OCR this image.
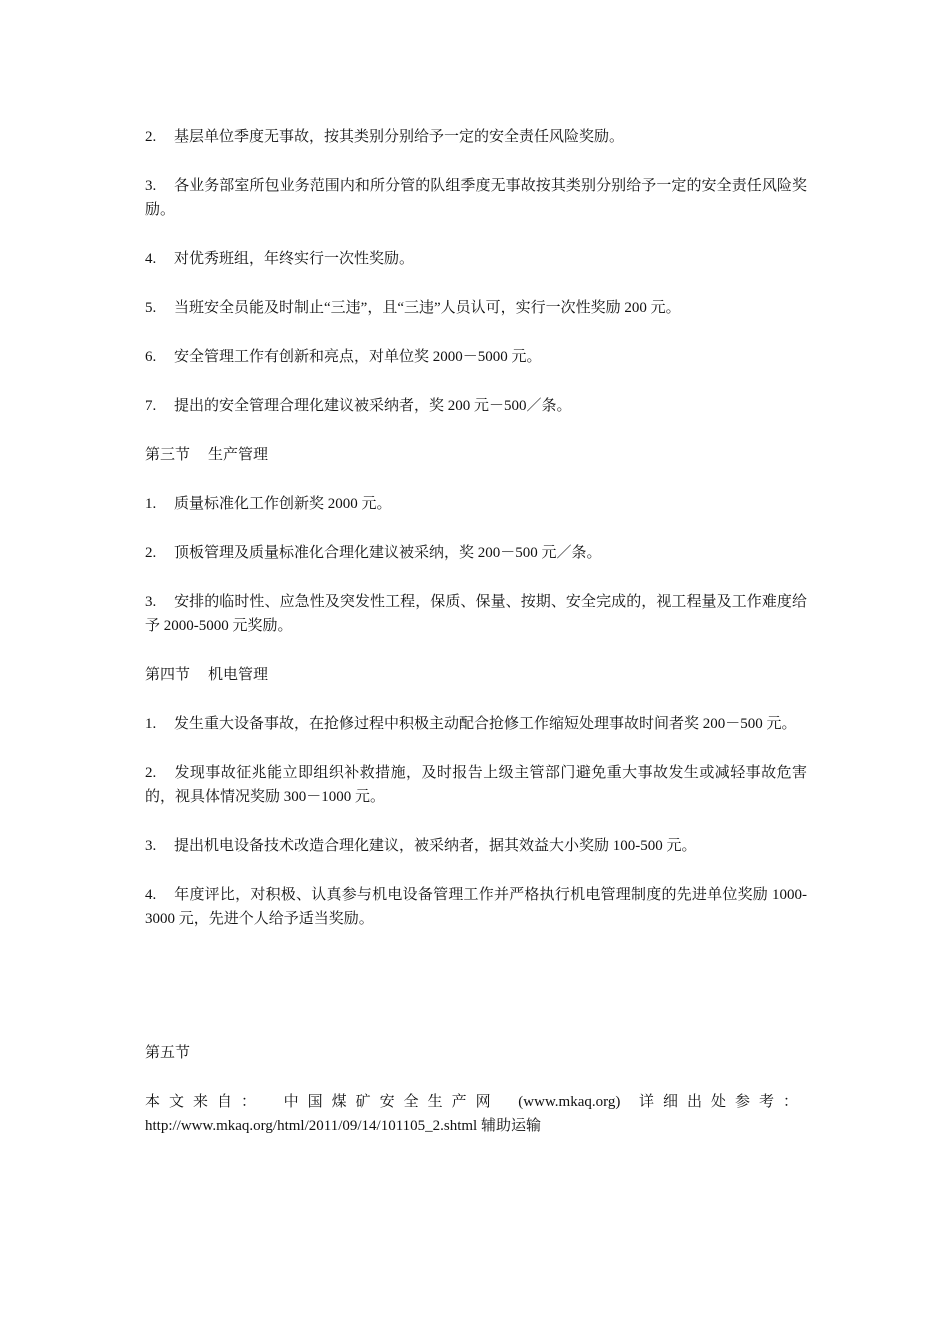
2. 基层单位季度无事故，按其类别分别给予一定的安全责任风险奖励。

3. 各业务部室所包业务范围内和所分管的队组季度无事故按其类别分别给予一定的安全责任风险奖励。

4. 对优秀班组，年终实行一次性奖励。

5. 当班安全员能及时制止“三违”，且“三违”人员认可，实行一次性奖励 200 元。

6. 安全管理工作有创新和亮点，对单位奖 2000－5000 元。

7. 提出的安全管理合理化建议被采纳者，奖 200 元－500／条。

第三节 生产管理

1. 质量标准化工作创新奖 2000 元。

2. 顶板管理及质量标准化合理化建议被采纳，奖 200－500 元／条。

3. 安排的临时性、应急性及突发性工程，保质、保量、按期、安全完成的，视工程量及工作难度给予 2000-5000 元奖励。

第四节 机电管理

1. 发生重大设备事故，在抢修过程中积极主动配合抢修工作缩短处理事故时间者奖 200－500 元。

2. 发现事故征兆能立即组织补救措施，及时报告上级主管部门避免重大事故发生或减轻事故危害的，视具体情况奖励 300－1000 元。

3. 提出机电设备技术改造合理化建议，被采纳者，据其效益大小奖励 100-500 元。

4. 年度评比，对积极、认真参与机电设备管理工作并严格执行机电管理制度的先进单位奖励 1000-3000 元，先进个人给予适当奖励。

第五节

本文来自： 中国煤矿安全生产网 (www.mkaq.org) 详细出处参考：
http://www.mkaq.org/html/2011/09/14/101105_2.shtml 辅助运输
